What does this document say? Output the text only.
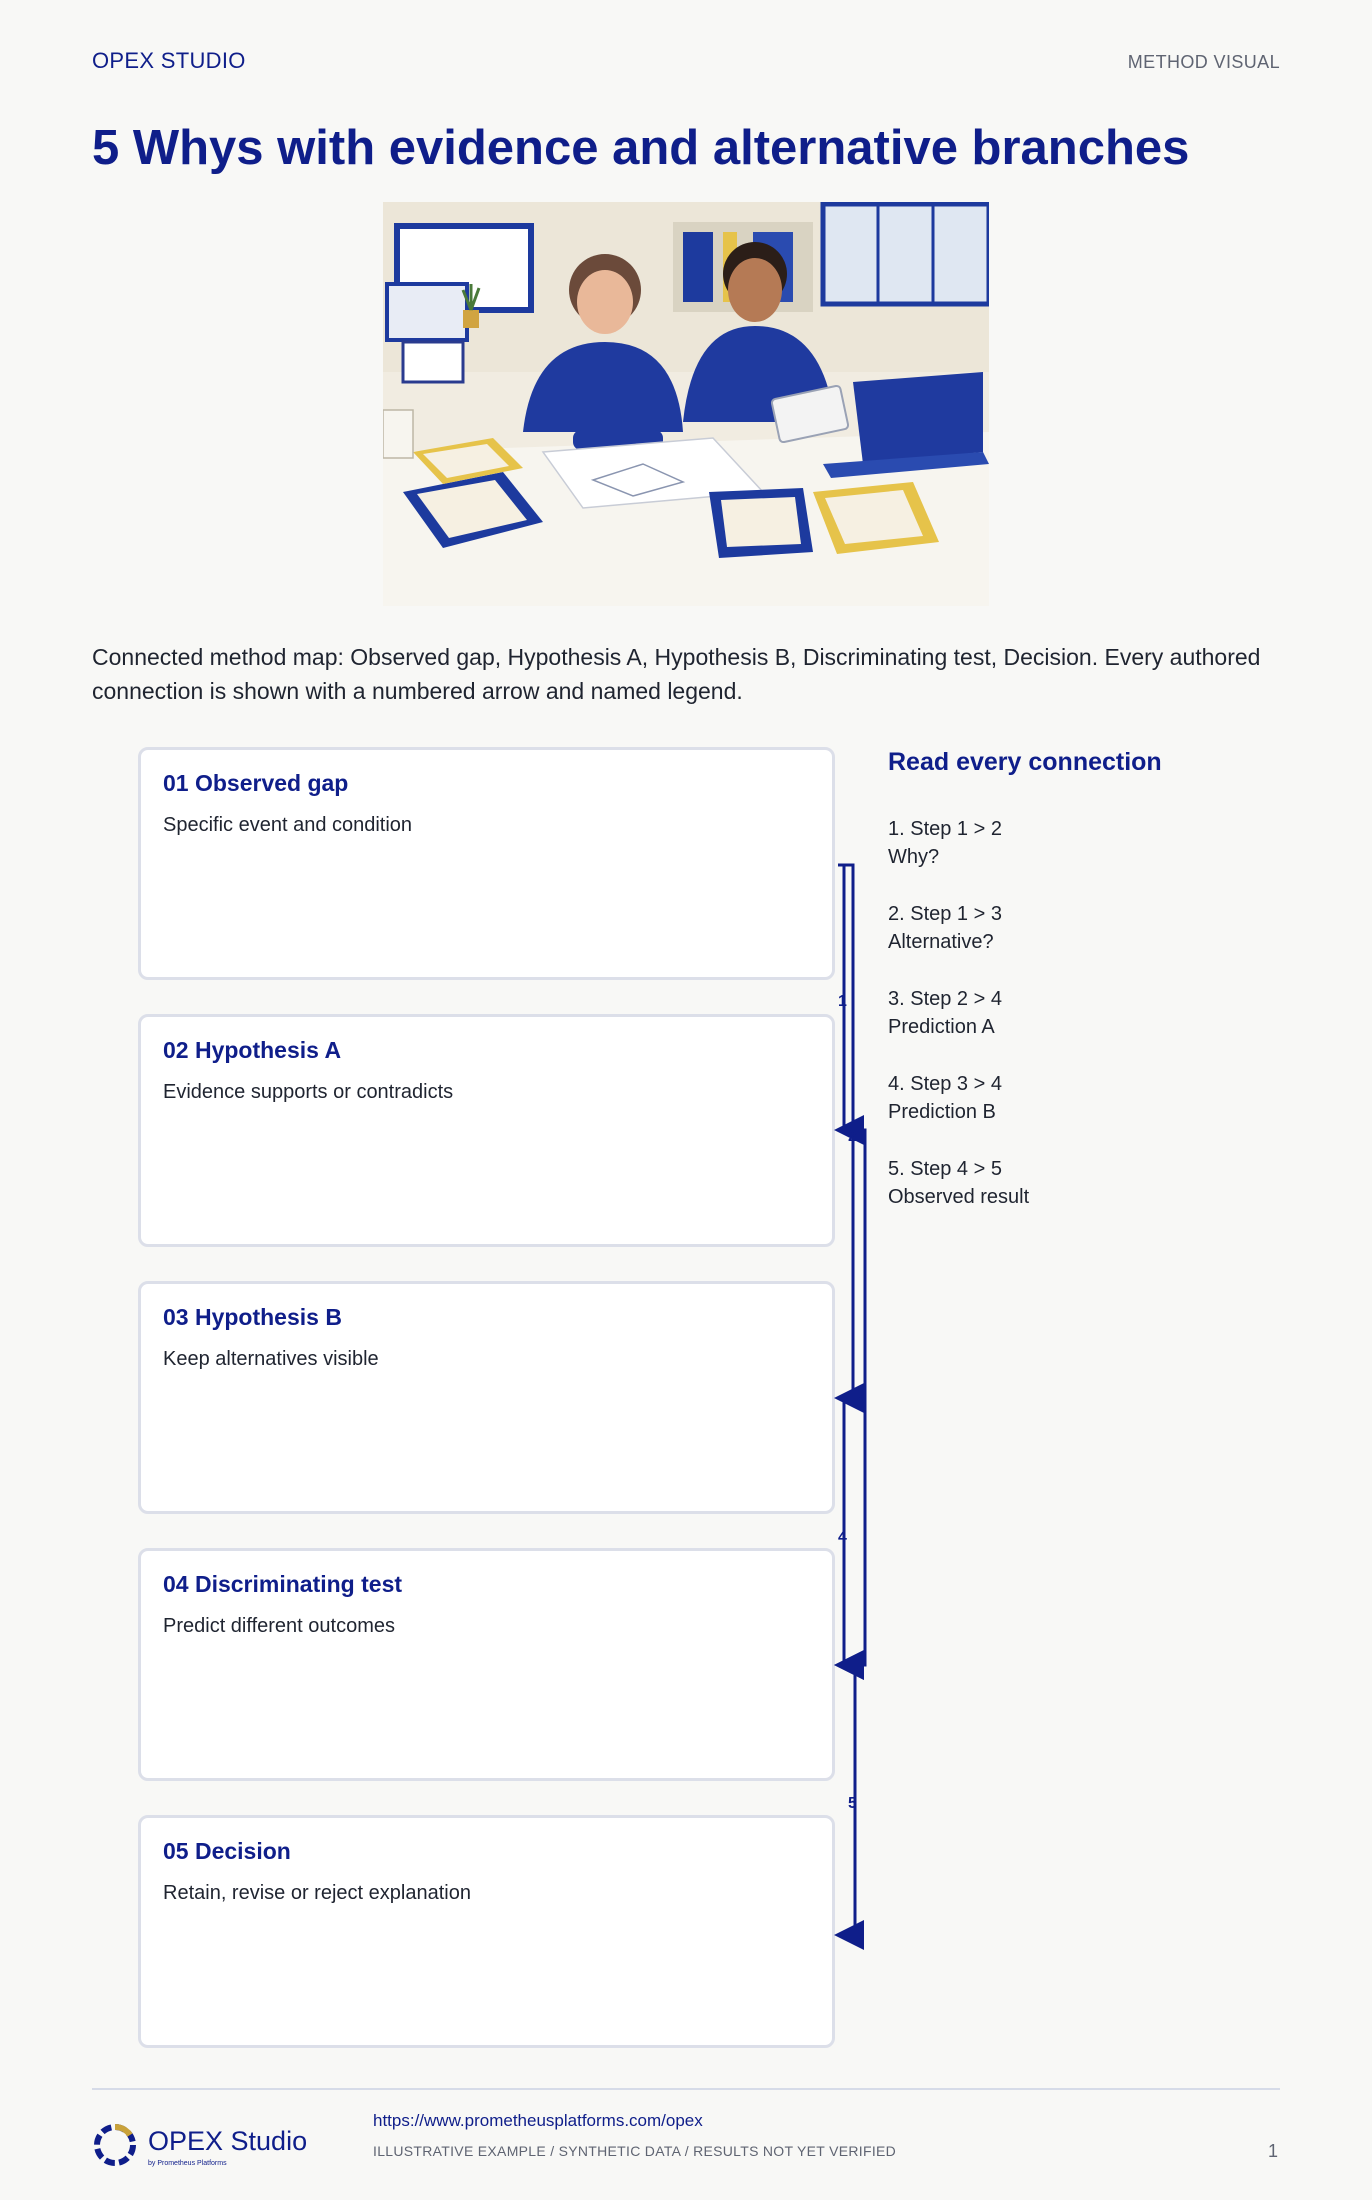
OPEX STUDIO	METHOD VISUAL
5 Whys with evidence and alternative branches

Connected method map: Observed gap, Hypothesis A, Hypothesis B, Discriminating test, Decision. Every authored connection is shown with a numbered arrow and named legend.

01 Observed gap
Specific event and condition
02 Hypothesis A
Evidence supports or contradicts
03 Hypothesis B
Keep alternatives visible
04 Discriminating test
Predict different outcomes
05 Decision
Retain, revise or reject explanation
1
2
3
4
5
Read every connection
1. Step 1 > 2
Why?
2. Step 1 > 3
Alternative?
3. Step 2 > 4
Prediction A
4. Step 3 > 4
Prediction B
5. Step 4 > 5
Observed result
OPEX Studio
by Prometheus Platforms
https://www.prometheusplatforms.com/opex
ILLUSTRATIVE EXAMPLE / SYNTHETIC DATA / RESULTS NOT YET VERIFIED	1
